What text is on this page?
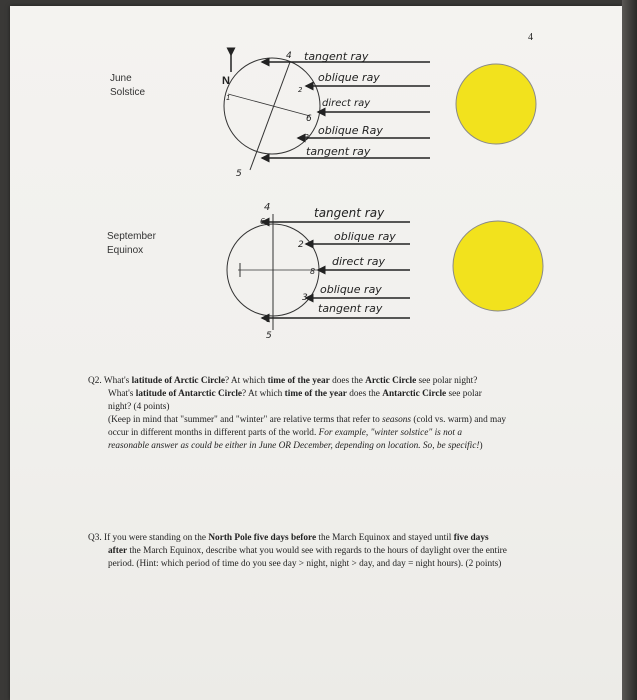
4
June
Solstice
September
Equinox
N
tangent ray
oblique ray
direct ray
oblique Ray
tangent ray
4
2
1
6
3
5
tangent ray
oblique ray
direct ray
oblique ray
tangent ray
4
6
2
8
3
1
5

Q2. What's latitude of Arctic Circle? At which time of the year does the Arctic Circle see polar night?

What's latitude of Antarctic Circle? At which time of the year does the Antarctic Circle see polar

night? (4 points)

(Keep in mind that "summer" and "winter" are relative terms that refer to seasons (cold vs. warm) and may

occur in different months in different parts of the world. For example, "winter solstice" is not a

reasonable answer as could be either in June OR December, depending on location. So, be specific!)

Q3. If you were standing on the North Pole five days before the March Equinox and stayed until five days

after the March Equinox, describe what you would see with regards to the hours of daylight over the entire

period. (Hint: which period of time do you see day > night, night > day, and day = night hours). (2 points)
